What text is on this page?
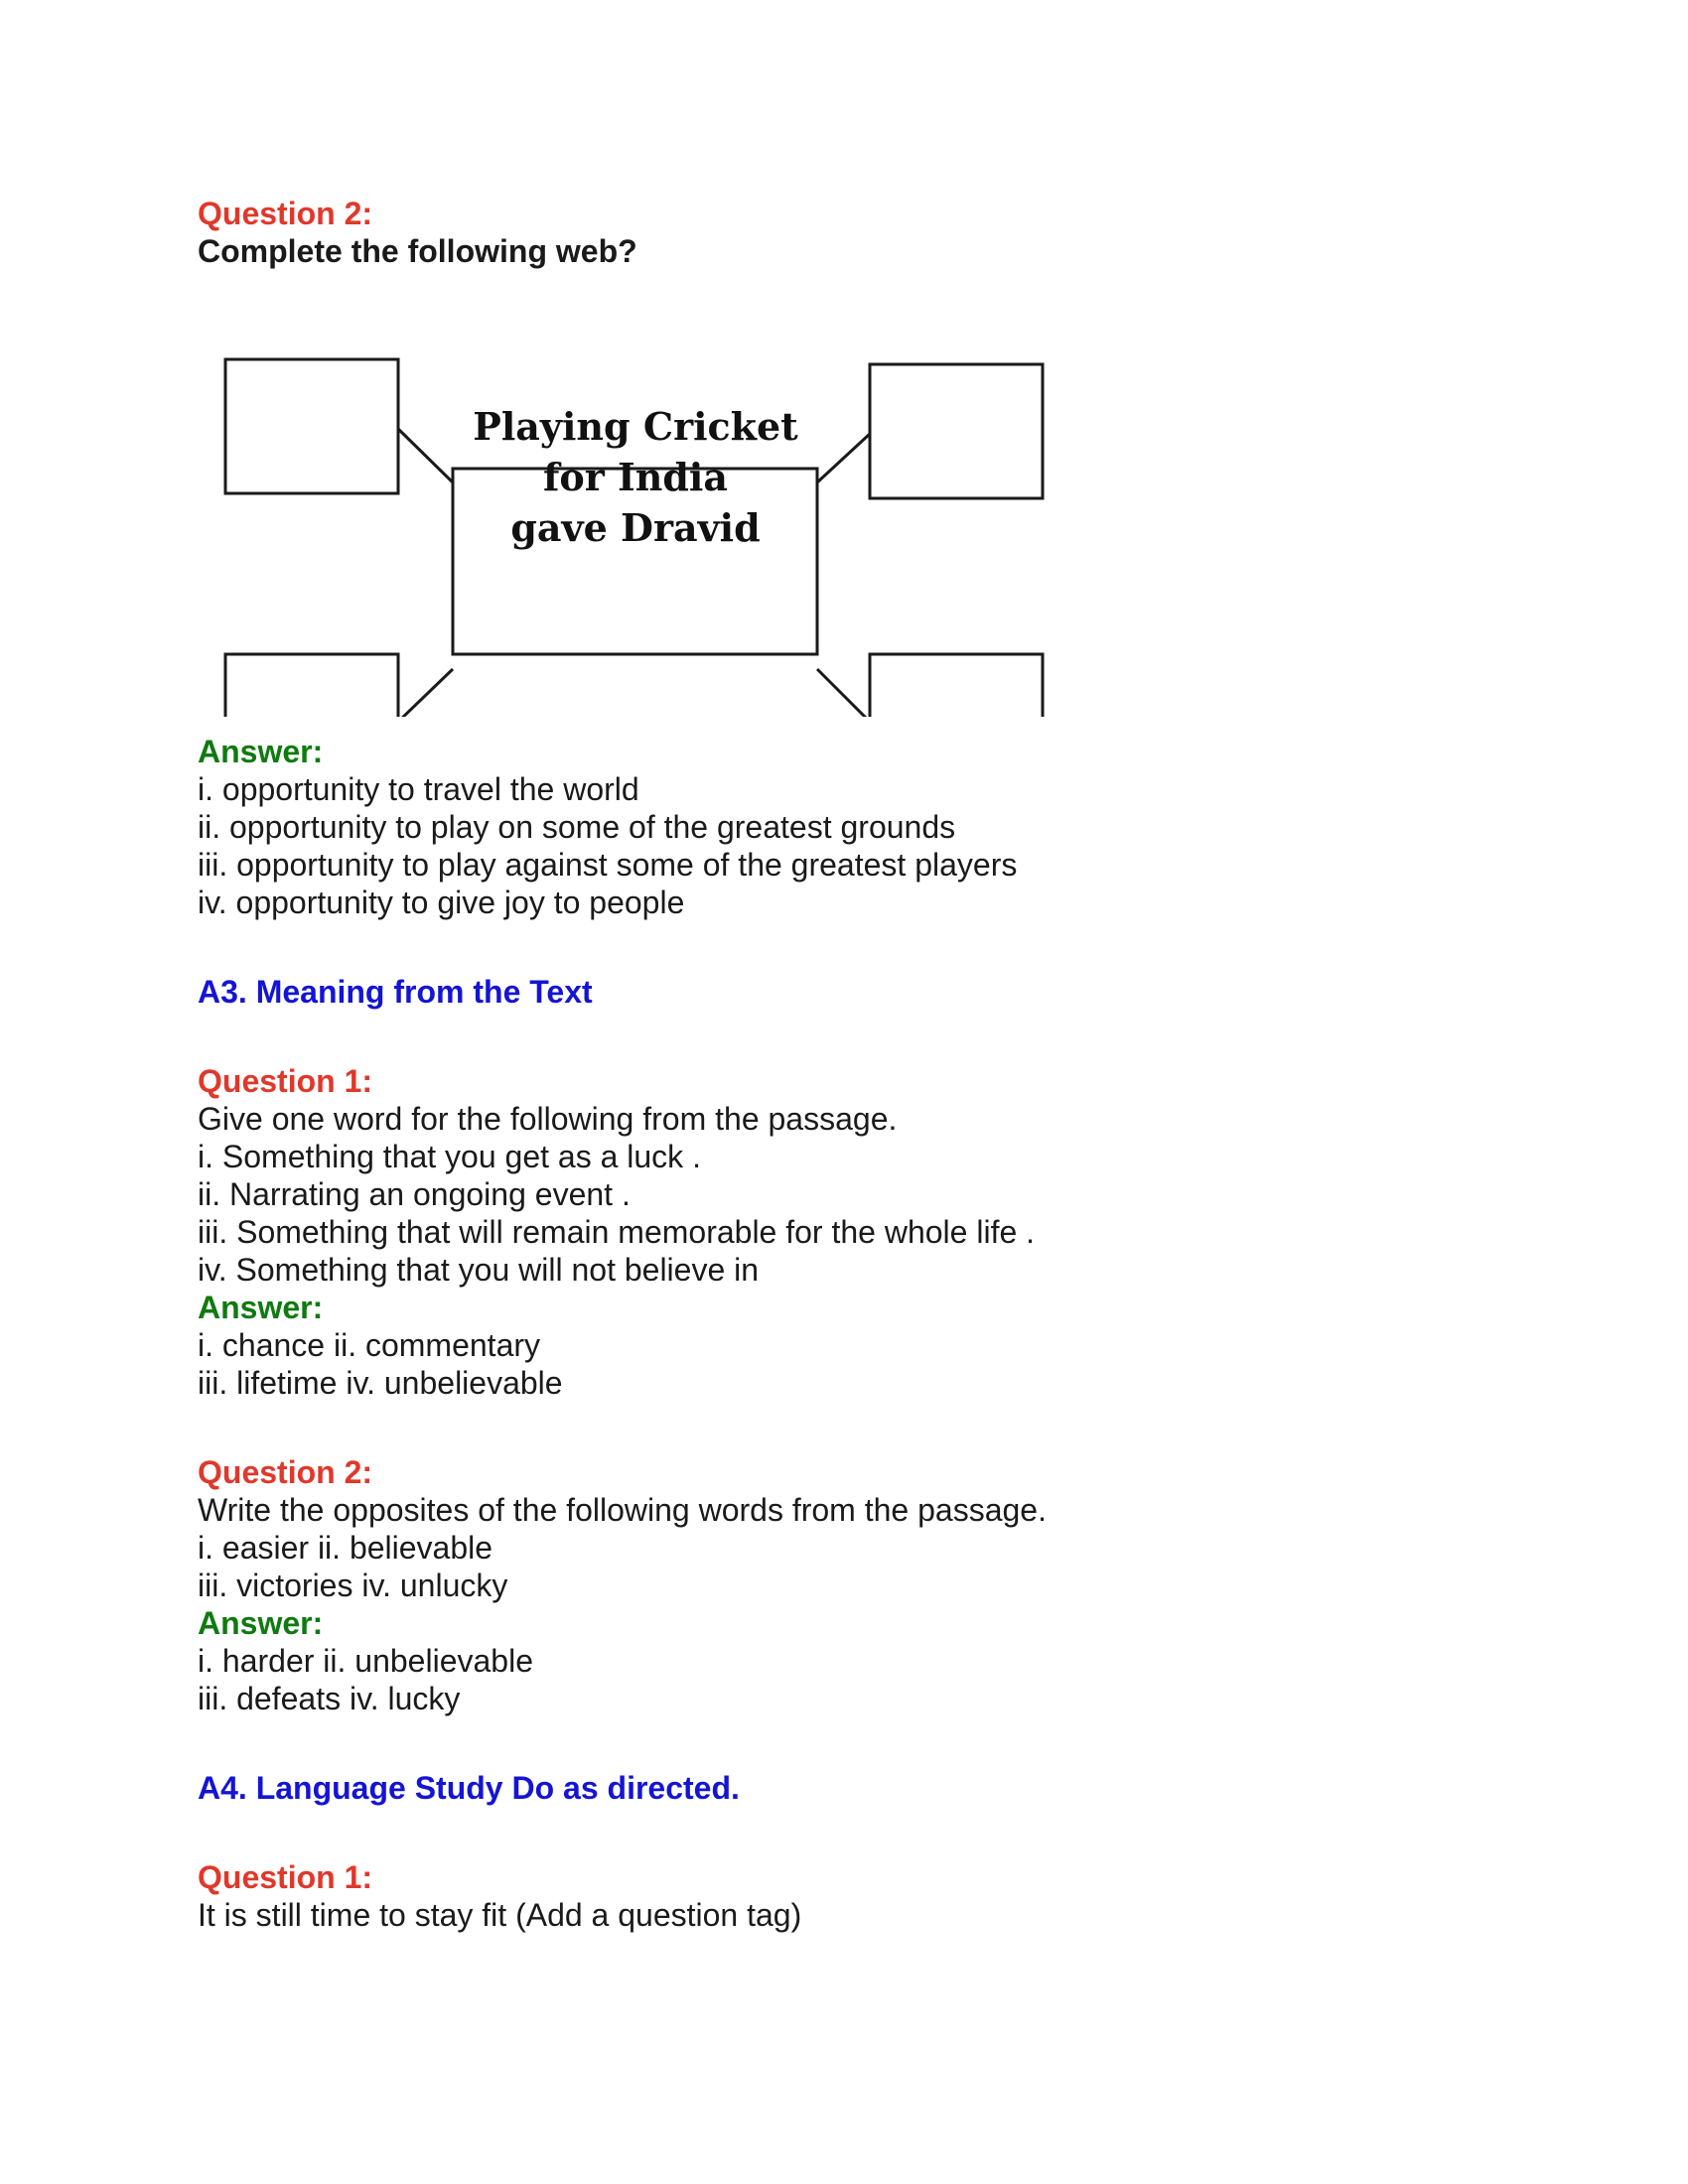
Question 2:

Complete the following web?

Playing Cricket
for India
gave Dravid

Answer:

i. opportunity to travel the world

ii. opportunity to play on some of the greatest grounds

iii. opportunity to play against some of the greatest players

iv. opportunity to give joy to people

A3. Meaning from the Text

Question 1:

Give one word for the following from the passage.

i. Something that you get as a luck .

ii. Narrating an ongoing event .

iii. Something that will remain memorable for the whole life .

iv. Something that you will not believe in

Answer:

i. chance ii. commentary

iii. lifetime iv. unbelievable

Question 2:

Write the opposites of the following words from the passage.

i. easier ii. believable

iii. victories iv. unlucky

Answer:

i. harder ii. unbelievable

iii. defeats iv. lucky

A4. Language Study Do as directed.

Question 1:

It is still time to stay fit (Add a question tag)
